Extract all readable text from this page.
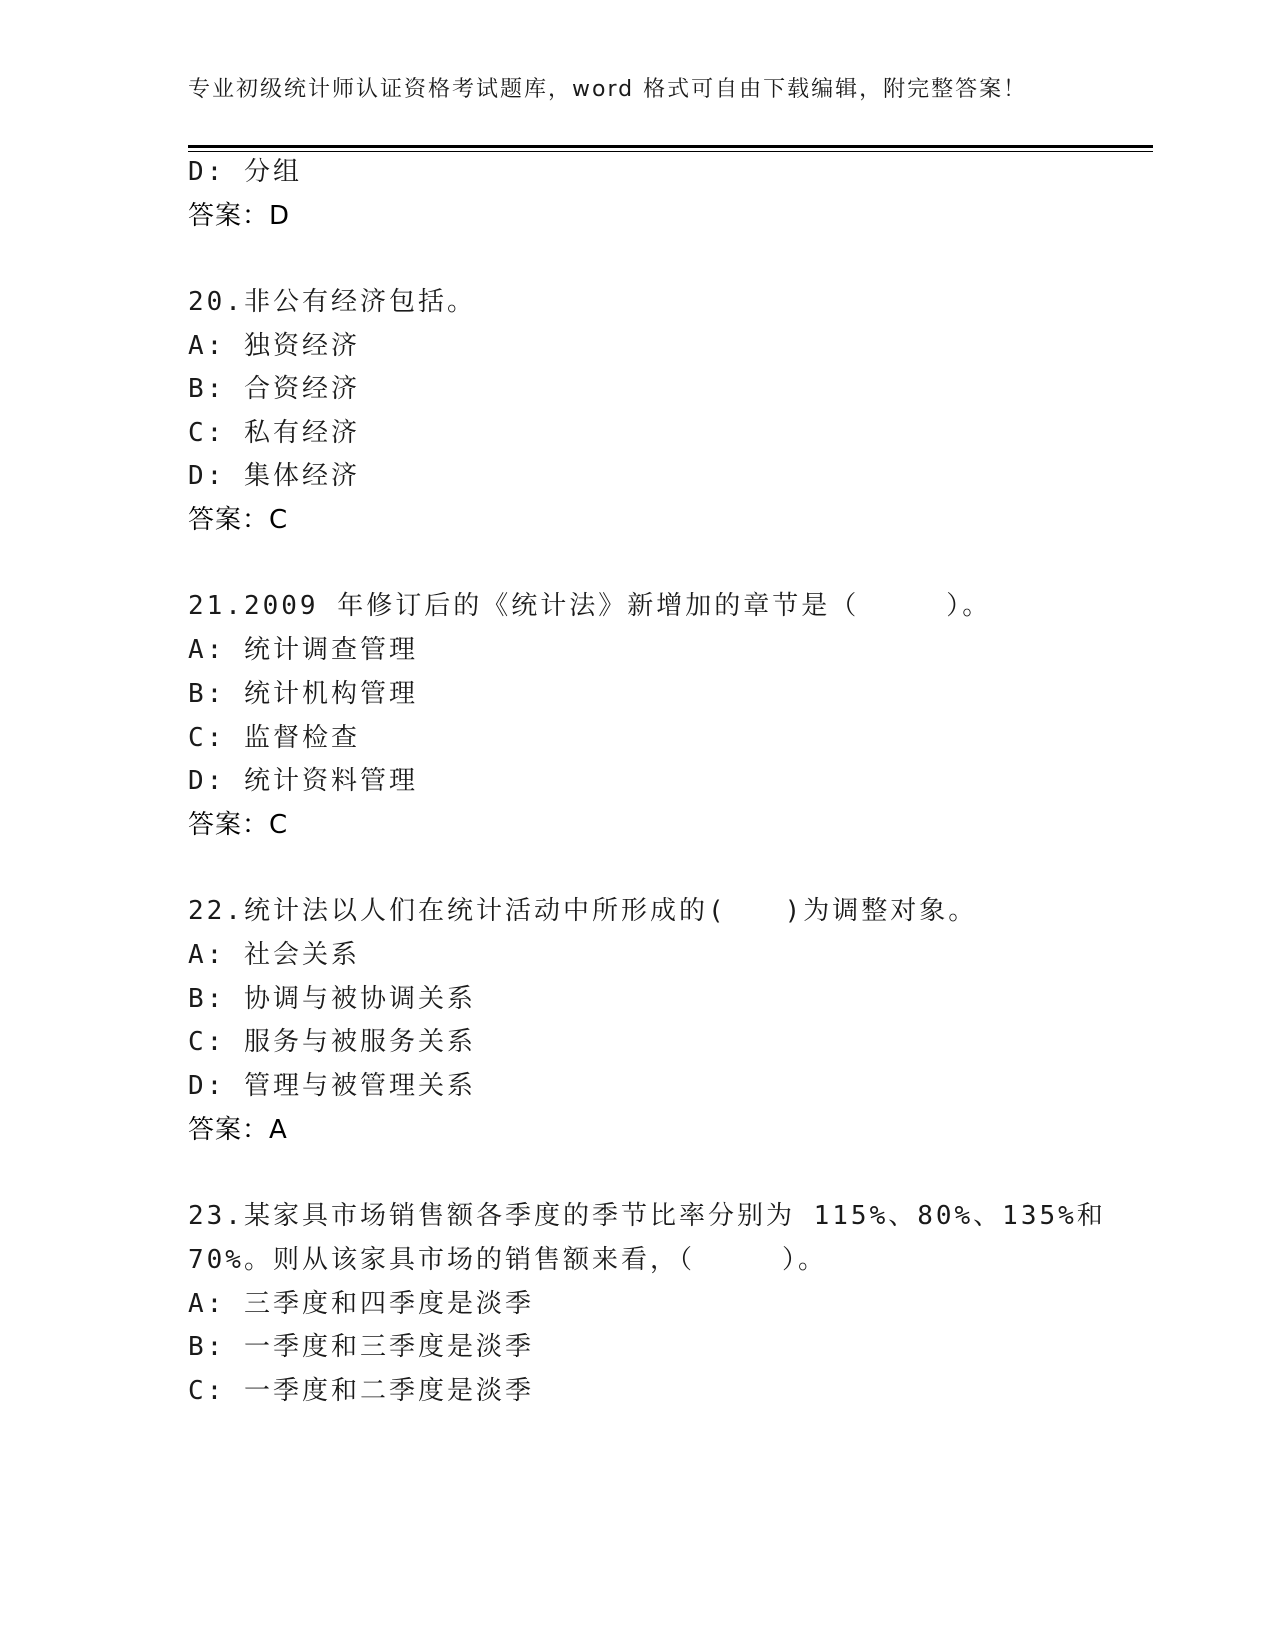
专业初级统计师认证资格考试题库，word 格式可自由下载编辑，附完整答案！
D: 分组
答案：D
20.非公有经济包括。
A: 独资经济
B: 合资经济
C: 私有经济
D: 集体经济
答案：C
21.2009 年修订后的《统计法》新增加的章节是（　　　）。
A: 统计调查管理
B: 统计机构管理
C: 监督检查
D: 统计资料管理
答案：C
22.统计法以人们在统计活动中所形成的(　　)为调整对象。
A: 社会关系
B: 协调与被协调关系
C: 服务与被服务关系
D: 管理与被管理关系
答案：A
23.某家具市场销售额各季度的季节比率分别为 115%、80%、135%和
70%。则从该家具市场的销售额来看，（　　　）。
A: 三季度和四季度是淡季
B: 一季度和三季度是淡季
C: 一季度和二季度是淡季
